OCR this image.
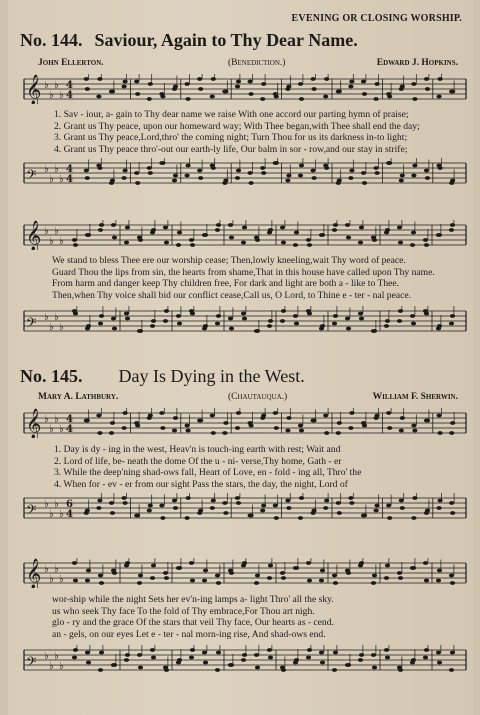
EVENING OR CLOSING WORSHIP.
No. 144. Saviour, Again to Thy Dear Name.
John Ellerton.	(Benediction.)	Edward J. Hopkins.
𝄞 ♭
♭
♭
♭
4
4
1. Sav - iour, a- gain to Thy dear name we raise With one accord our parting hymn of praise;
2. Grant us Thy peace, upon our homeward way; With Thee began,with Thee shall end the day;
3. Grant us Thy peace,Lord,thro' the coming night; Turn Thou for us its darkness in-to light;
4. Grant us Thy peace thro'-out our earth-ly life, Our balm in sor - row,and our stay in strife;
𝄢 ♭
♭
♭
♭
4
4
𝄞 ♭
♭
♭
♭
We stand to bless Thee ere our worship cease; Then,lowly kneeling,wait Thy word of peace.
Guard Thou the lips from sin, the hearts from shame,That in this house have called upon Thy name.
From harm and danger keep Thy children free, For dark and light are both a - like to Thee.
Then,when Thy voice shall bid our conflict cease,Call us, O Lord, to Thine e - ter - nal peace.
𝄢 ♭
♭
♭
♭
No. 145. Day Is Dying in the West.
Mary A. Lathbury.	(Chautauqua.)	William F. Sherwin.
𝄞 ♭
♭
♭
♭
4
4
1. Day is dy - ing in the west, Heav'n is touch-ing earth with rest; Wait and
2. Lord of life, be- neath the dome Of the u - ni- verse,Thy home, Gath - er
3. While the deep'ning shad-ows fall, Heart of Love, en - fold - ing all, Thro' the
4. When for - ev - er from our sight Pass the stars, the day, the night, Lord of
𝄢 ♭
♭
♭
♭
6
4
𝄞 ♭
♭
♭
♭
wor-ship while the night Sets her ev'n-ing lamps a- light Thro' all the sky.
us who seek Thy face To the fold of Thy embrace,For Thou art nigh.
glo - ry and the grace Of the stars that veil Thy face, Our hearts as - cend.
an - gels, on our eyes Let e - ter - nal morn-ing rise, And shad-ows end.
𝄢 ♭
♭
♭
♭
